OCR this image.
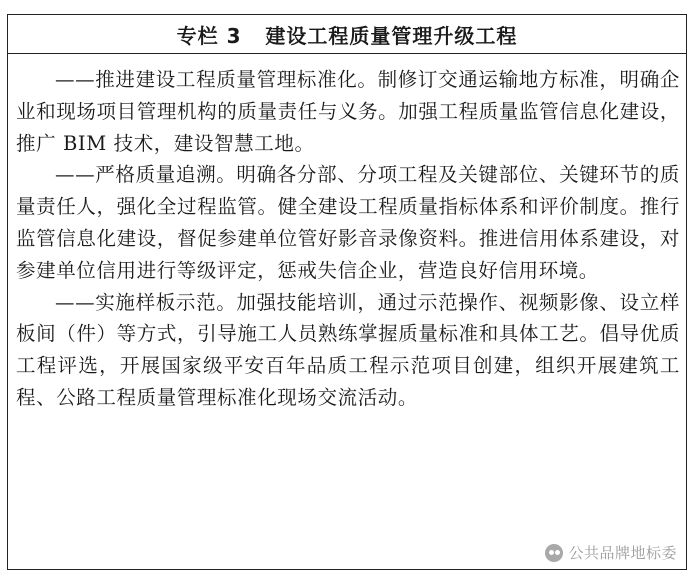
专栏 3   建设工程质量管理升级工程

——推进建设工程质量管理标准化。制修订交通运输地方标准，明确企业和现场项目管理机构的质量责任与义务。加强工程质量监管信息化建设，推广 BIM 技术，建设智慧工地。

——严格质量追溯。明确各分部、分项工程及关键部位、关键环节的质量责任人，强化全过程监管。健全建设工程质量指标体系和评价制度。推行监管信息化建设，督促参建单位管好影音录像资料。推进信用体系建设，对参建单位信用进行等级评定，惩戒失信企业，营造良好信用环境。

——实施样板示范。加强技能培训，通过示范操作、视频影像、设立样板间（件）等方式，引导施工人员熟练掌握质量标准和具体工艺。倡导优质工程评选，开展国家级平安百年品质工程示范项目创建，组织开展建筑工程、公路工程质量管理标准化现场交流活动。

公共品牌地标委
